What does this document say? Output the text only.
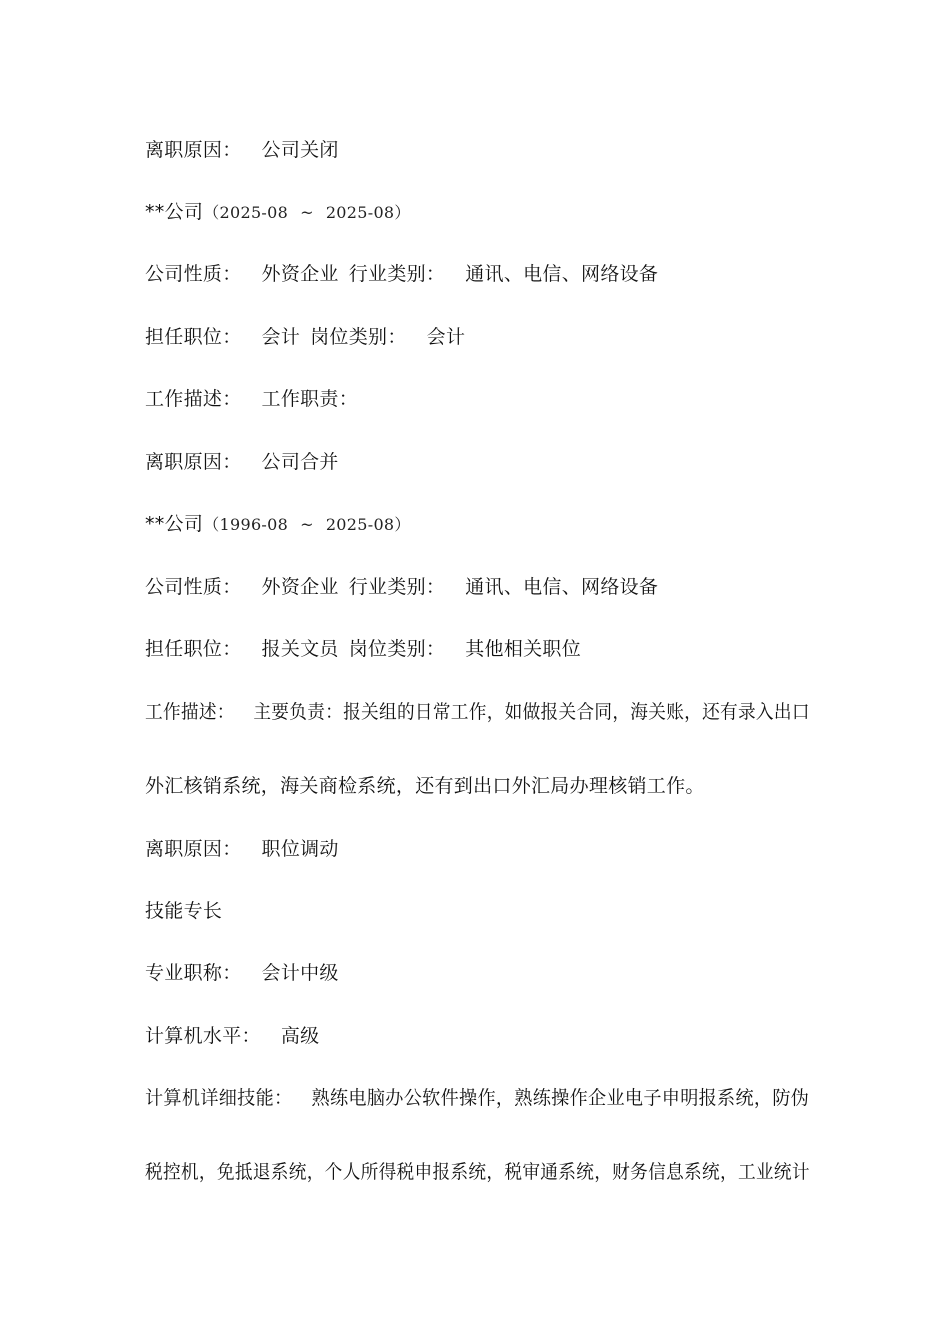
离职原因： 公司关闭
**公司（2025-08 ~ 2025-08）
公司性质： 外资企业 行业类别： 通讯、电信、网络设备
担任职位： 会计 岗位类别： 会计
工作描述： 工作职责：
离职原因： 公司合并
**公司（1996-08 ~ 2025-08）
公司性质： 外资企业 行业类别： 通讯、电信、网络设备
担任职位： 报关文员 岗位类别： 其他相关职位
工作描述： 主要负责：报关组的日常工作，如做报关合同，海关账，还有录入出口
外汇核销系统，海关商检系统，还有到出口外汇局办理核销工作。
离职原因： 职位调动
技能专长
专业职称： 会计中级
计算机水平： 高级
计算机详细技能： 熟练电脑办公软件操作，熟练操作企业电子申明报系统，防伪
税控机，免抵退系统，个人所得税申报系统，税审通系统，财务信息系统，工业统计
